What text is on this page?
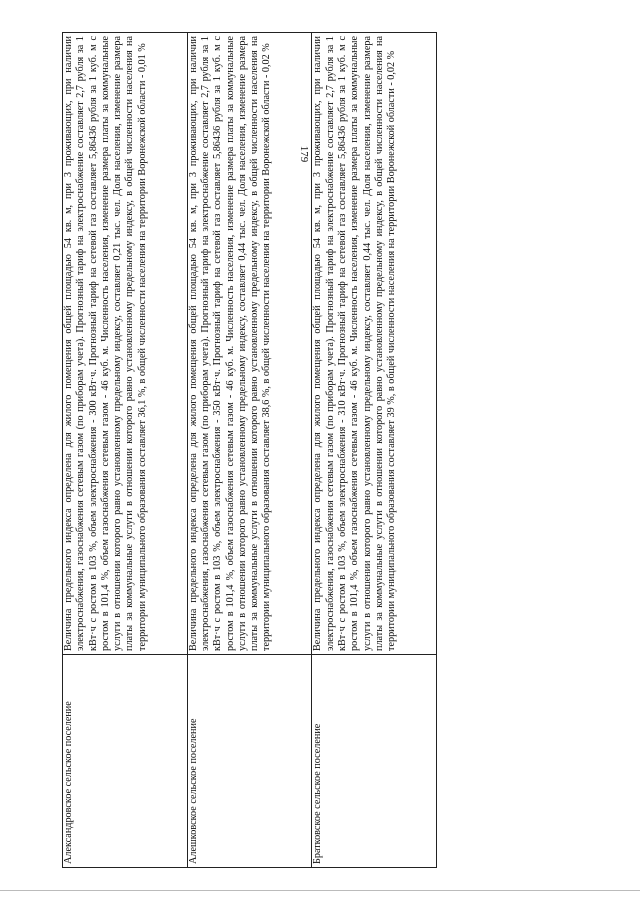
179
Александровское сельское поселение	Величина предельного индекса определена для жилого помещения общей площадью 54 кв. м, при 3 проживающих, при наличии электроснабжения, газоснабжения сетевым газом (по приборам учета). Прогнозный тариф на электроснабжение составляет 2,7 рубля за 1 кВт·ч с ростом в 103 %, объем электроснабжения - 300 кВт·ч. Прогнозный тариф на сетевой газ составляет 5,86436 рубля за 1 куб. м с ростом в 101,4 %, объем газоснабжения сетевым газом - 46 куб. м. Численность населения, изменение размера платы за коммунальные услуги в отношении которого равно установленному предельному индексу, составляет 0,21 тыс. чел. Доля населения, изменение размера платы за коммунальные услуги в отношении которого равно установленному предельному индексу, в общей численности населения на территории муниципального образования составляет 36,1 %, в общей численности населения на территории Воронежской области - 0,01 %
Алешковское сельское поселение	Величина предельного индекса определена для жилого помещения общей площадью 54 кв. м, при 3 проживающих, при наличии электроснабжения, газоснабжения сетевым газом (по приборам учета). Прогнозный тариф на электроснабжение составляет 2,7 рубля за 1 кВт·ч с ростом в 103 %, объем электроснабжения - 350 кВт·ч. Прогнозный тариф на сетевой газ составляет 5,86436 рубля за 1 куб. м с ростом в 101,4 %, объем газоснабжения сетевым газом - 46 куб. м. Численность населения, изменение размера платы за коммунальные услуги в отношении которого равно установленному предельному индексу, составляет 0,44 тыс. чел. Доля населения, изменение размера платы за коммунальные услуги в отношении которого равно установленному предельному индексу, в общей численности населения на территории муниципального образования составляет 38,6 %, в общей численности населения на территории Воронежской области - 0,02 %
Братковское сельское поселение	Величина предельного индекса определена для жилого помещения общей площадью 54 кв. м, при 3 проживающих, при наличии электроснабжения, газоснабжения сетевым газом (по приборам учета). Прогнозный тариф на электроснабжение составляет 2,7 рубля за 1 кВт·ч с ростом в 103 %, объем электроснабжения - 310 кВт·ч. Прогнозный тариф на сетевой газ составляет 5,86436 рубля за 1 куб. м с ростом в 101,4 %, объем газоснабжения сетевым газом - 46 куб. м. Численность населения, изменение размера платы за коммунальные услуги в отношении которого равно установленному предельному индексу, составляет 0,44 тыс. чел. Доля населения, изменение размера платы за коммунальные услуги в отношении которого равно установленному предельному индексу, в общей численности населения на территории муниципального образования составляет 39 %, в общей численности населения на территории Воронежской области - 0,02 %
